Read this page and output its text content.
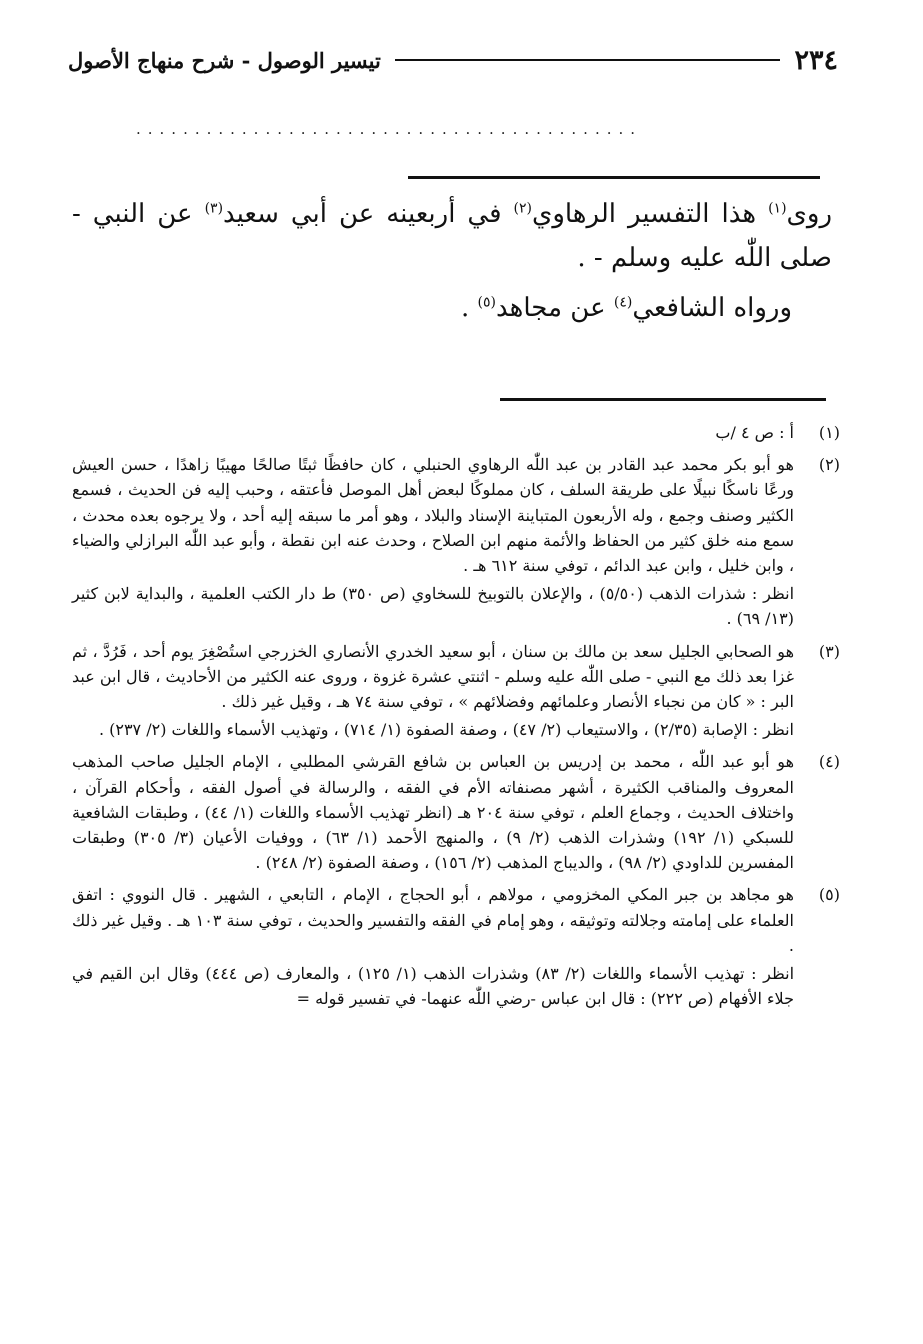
٢٣٤
تيسير الوصول - شرح منهاج الأصول
...........................................

روى$^{(١)}$ هذا التفسير الرهاوي$^{(٢)}$ في أربعينه عن أبي سعيد$^{(٣)}$ عن النبي - صلى اللّٰه عليه وسلم - .

ورواه الشافعي$^{(٤)}$ عن مجاهد$^{(٥)}$ .

(١)

أ : ص ٤ /ب

(٢)

هو أبو بكر محمد عبد القادر بن عبد اللّٰه الرهاوي الحنبلي ، كان حافظًا ثبتًا صالحًا مهيبًا زاهدًا ، حسن العيش ورعًا ناسكًا نبيلًا على طريقة السلف ، كان مملوكًا لبعض أهل الموصل فأعتقه ، وحبب إليه فن الحديث ، فسمع الكثير وصنف وجمع ، وله الأربعون المتباينة الإسناد والبلاد ، وهو أمر ما سبقه إليه أحد ، ولا يرجوه بعده محدث ، سمع منه خلق كثير من الحفاظ والأئمة منهم ابن الصلاح ، وحدث عنه ابن نقطة ، وأبو عبد اللّٰه البرازلي والضياء ، وابن خليل ، وابن عبد الدائم ، توفي سنة ٦١٢ هـ .

انظر : شذرات الذهب (٥/٥٠) ، والإعلان بالتوبيخ للسخاوي (ص ٣٥٠) ط دار الكتب العلمية ، والبداية لابن كثير (١٣/ ٦٩) .

(٣)

هو الصحابي الجليل سعد بن مالك بن سنان ، أبو سعيد الخدري الأنصاري الخزرجي استُصْغِرَ يوم أحد ، فَرُدَّ ، ثم غزا بعد ذلك مع النبي - صلى اللّٰه عليه وسلم - اثنتي عشرة غزوة ، وروى عنه الكثير من الأحاديث ، قال ابن عبد البر : « كان من نجباء الأنصار وعلمائهم وفضلائهم » ، توفي سنة ٧٤ هـ ، وقيل غير ذلك .

انظر : الإصابة (٢/٣٥) ، والاستيعاب (٢/ ٤٧) ، وصفة الصفوة (١/ ٧١٤) ، وتهذيب الأسماء واللغات (٢/ ٢٣٧) .

(٤)

هو أبو عبد اللّٰه ، محمد بن إدريس بن العباس بن شافع القرشي المطلبي ، الإمام الجليل صاحب المذهب المعروف والمناقب الكثيرة ، أشهر مصنفاته الأم في الفقه ، والرسالة في أصول الفقه ، وأحكام القرآن ، واختلاف الحديث ، وجماع العلم ، توفي سنة ٢٠٤ هـ (انظر تهذيب الأسماء واللغات (١/ ٤٤) ، وطبقات الشافعية للسبكي (١/ ١٩٢) وشذرات الذهب (٢/ ٩) ، والمنهج الأحمد (١/ ٦٣) ، ووفيات الأعيان (٣/ ٣٠٥) وطبقات المفسرين للداودي (٢/ ٩٨) ، والديباج المذهب (٢/ ١٥٦) ، وصفة الصفوة (٢/ ٢٤٨) .

(٥)

هو مجاهد بن جبر المكي المخزومي ، مولاهم ، أبو الحجاج ، الإمام ، التابعي ، الشهير . قال النووي : اتفق العلماء على إمامته وجلالته وتوثيقه ، وهو إمام في الفقه والتفسير والحديث ، توفي سنة ١٠٣ هـ . وقيل غير ذلك .

انظر : تهذيب الأسماء واللغات (٢/ ٨٣) وشذرات الذهب (١/ ١٢٥) ، والمعارف (ص ٤٤٤) وقال ابن القيم في جلاء الأفهام (ص ٢٢٢) : قال ابن عباس -رضي اللّٰه عنهما- في تفسير قوله =
